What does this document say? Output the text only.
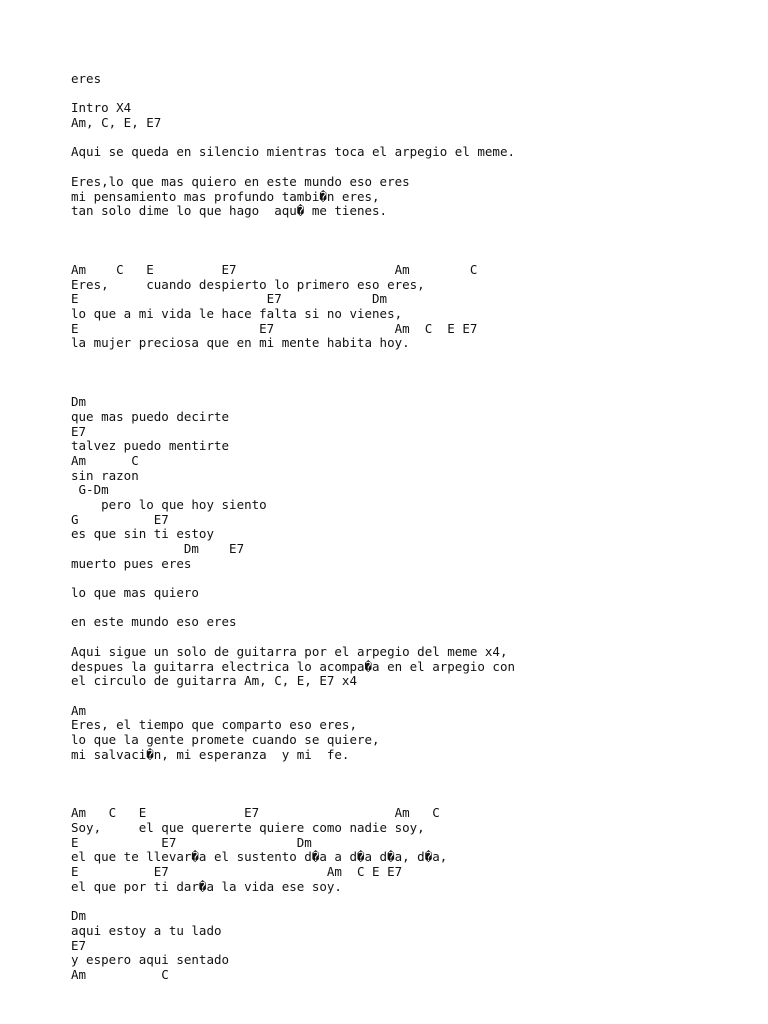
eres
Intro X4
Am, C, E, E7
Aqui se queda en silencio mientras toca el arpegio el meme.
Eres,lo que mas quiero en este mundo eso eres
mi pensamiento mas profundo tambi�n eres,
tan solo dime lo que hago  aqu� me tienes.
Am    C   E         E7                     Am        C
Eres,     cuando despierto lo primero eso eres,
E                         E7            Dm
lo que a mi vida le hace falta si no vienes,
E                        E7                Am  C  E E7
la mujer preciosa que en mi mente habita hoy.
Dm
que mas puedo decirte
E7
talvez puedo mentirte
Am      C
sin razon
G-Dm
pero lo que hoy siento
G          E7
es que sin ti estoy
Dm    E7
muerto pues eres
lo que mas quiero
en este mundo eso eres
Aqui sigue un solo de guitarra por el arpegio del meme x4,
despues la guitarra electrica lo acompa�a en el arpegio con
el circulo de guitarra Am, C, E, E7 x4
Am
Eres, el tiempo que comparto eso eres,
lo que la gente promete cuando se quiere,
mi salvaci�n, mi esperanza  y mi  fe.
Am   C   E             E7                  Am   C
Soy,     el que quererte quiere como nadie soy,
E           E7                Dm
el que te llevar�a el sustento d�a a d�a d�a, d�a,
E          E7                     Am  C E E7
el que por ti dar�a la vida ese soy.
Dm
aqui estoy a tu lado
E7
y espero aqui sentado
Am          C
